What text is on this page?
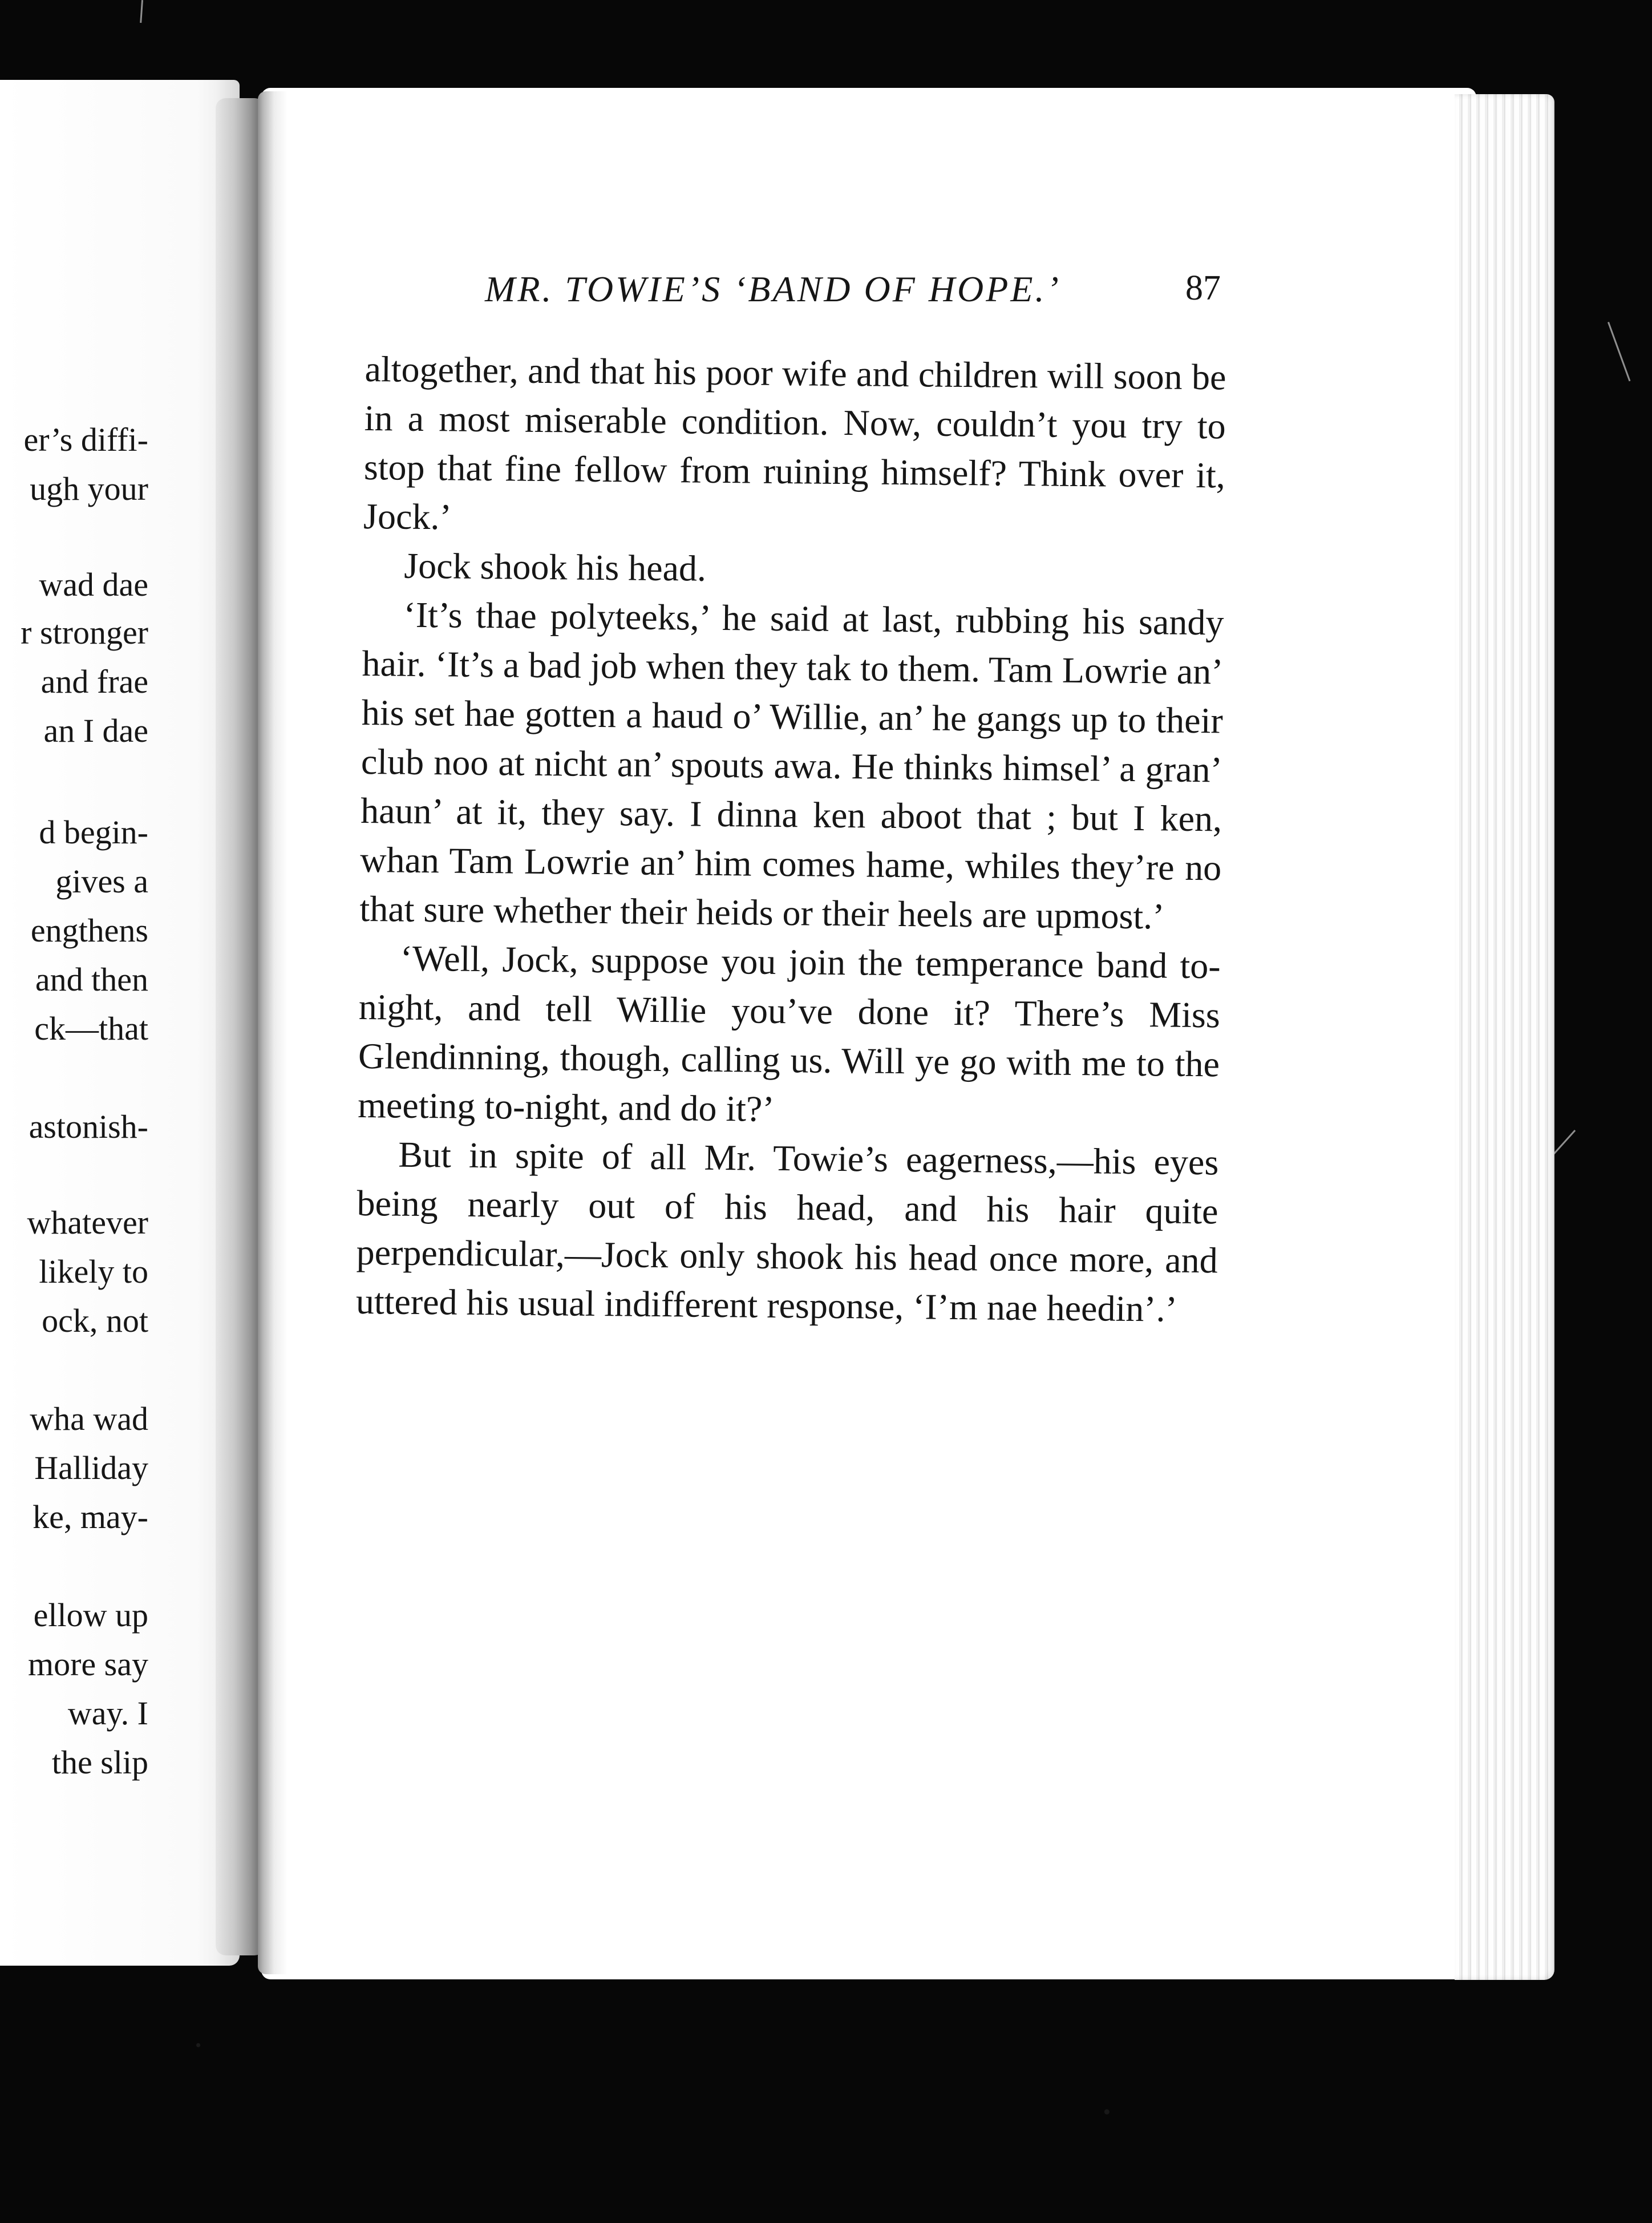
er’s diffi-
ugh your
wad dae
r stronger
and frae
an I dae
d begin-
gives a
engthens
and then
ck—that
astonish-
whatever
likely to
ock, not
wha wad
Halliday
ke, may-
ellow up
more say
way. I
the slip
MR. TOWIE’S ‘BAND OF HOPE.’	87

altogether, and that his poor wife and children will soon be in a most miserable condition. Now, couldn’t you try to stop that fine fellow from ruining himself? Think over it, Jock.’

Jock shook his head.

‘It’s thae polyteeks,’ he said at last, rubbing his sandy hair. ‘It’s a bad job when they tak to them. Tam Lowrie an’ his set hae gotten a haud o’ Willie, an’ he gangs up to their club noo at nicht an’ spouts awa. He thinks himsel’ a gran’ haun’ at it, they say. I dinna ken aboot that ; but I ken, whan Tam Lowrie an’ him comes hame, whiles they’re no that sure whether their heids or their heels are upmost.’

‘Well, Jock, suppose you join the temperance band to-night, and tell Willie you’ve done it? There’s Miss Glendinning, though, calling us. Will ye go with me to the meeting to-night, and do it?’

But in spite of all Mr. Towie’s eagerness,—his eyes being nearly out of his head, and his hair quite perpendicular,—Jock only shook his head once more, and uttered his usual indifferent response, ‘I’m nae heedin’.’
